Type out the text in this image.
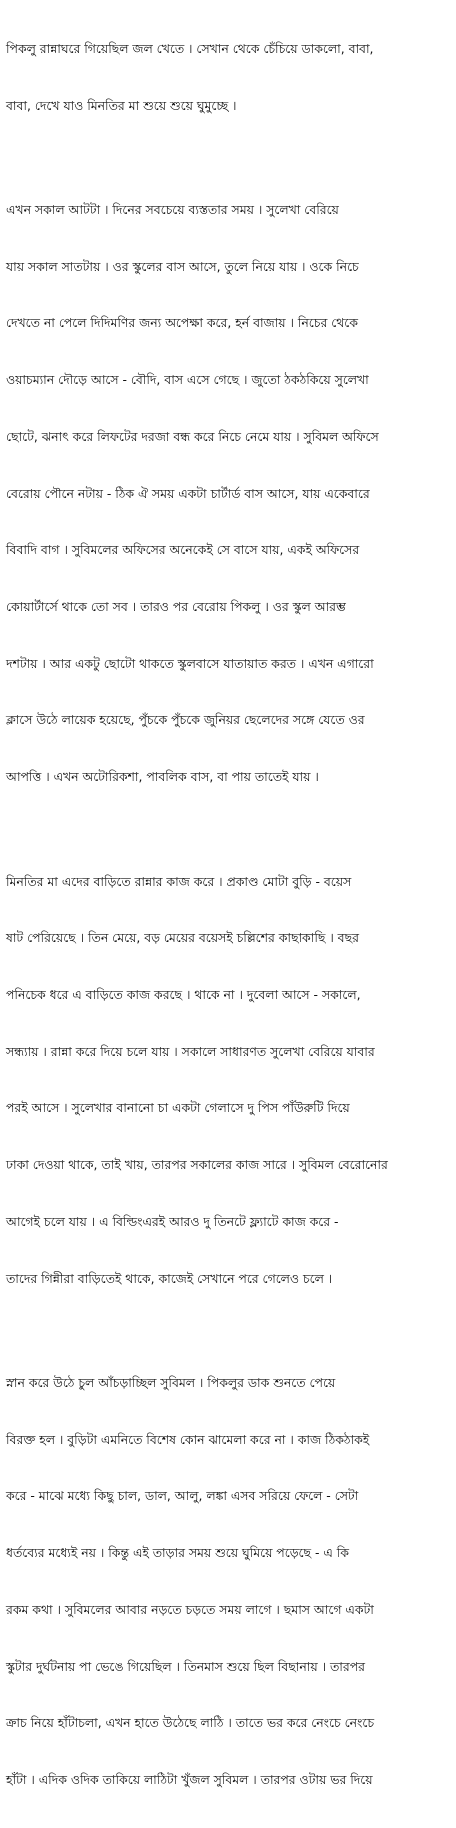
পিকলু রান্নাঘরে গিয়েছিল জল খেতে । সেখান থেকে চেঁচিয়ে ডাকলো, বাবা,

বাবা, দেখে যাও মিনতির মা শুয়ে শুয়ে ঘুমুচ্ছে ।

এখন সকাল আটটা । দিনের সবচেয়ে ব্যস্ততার সময় । সুলেখা বেরিয়ে

যায় সকাল সাতটায় । ওর স্কুলের বাস আসে, তুলে নিয়ে যায় । ওকে নিচে

দেখতে না পেলে দিদিমণির জন্য অপেক্ষা করে, হর্ন বাজায় । নিচের থেকে

ওয়াচম্যান দৌড়ে আসে - বৌদি, বাস এসে গেছে । জুতো ঠকঠকিয়ে সুলেখা

ছোটে, ঝনাৎ করে লিফটের দরজা বন্ধ করে নিচে নেমে যায় । সুবিমল অফিসে

বেরোয় পৌনে নটায় - ঠিক ঐ সময় একটা চার্টার্ড বাস আসে, যায় একেবারে

বিবাদি বাগ । সুবিমলের অফিসের অনেকেই সে বাসে যায়, একই অফিসের

কোয়ার্টার্সে থাকে তো সব । তারও পর বেরোয় পিকলু । ওর স্কুল আরম্ভ

দশটায় । আর একটু ছোটো থাকতে স্কুলবাসে যাতায়াত করত । এখন এগারো

ক্লাসে উঠে লায়েক হয়েছে, পুঁচকে পুঁচকে জুনিয়র ছেলেদের সঙ্গে যেতে ওর

আপত্তি । এখন অটোরিকশা, পাবলিক বাস, বা পায় তাতেই যায় ।

মিনতির মা এদের বাড়িতে রান্নার কাজ করে । প্রকাণ্ড মোটা বুড়ি - বয়েস

ষাট পেরিয়েছে । তিন মেয়ে, বড় মেয়ের বয়েসই চল্লিশের কাছাকাছি । বছর

পনিচেক ধরে এ বাড়িতে কাজ করছে । থাকে না । দুবেলা আসে - সকালে,

সন্ধ্যায় । রান্না করে দিয়ে চলে যায় । সকালে সাধারণত সুলেখা বেরিয়ে যাবার

পরই আসে । সুলেখার বানানো চা একটা গেলাসে দু পিস পাঁউরুটি দিয়ে

ঢাকা দেওয়া থাকে, তাই খায়, তারপর সকালের কাজ সারে । সুবিমল বেরোনোর

আগেই চলে যায় । এ বিল্ডিংএরই আরও দু তিনটে ফ্ল্যাটে কাজ করে -

তাদের গিন্নীরা বাড়িতেই থাকে, কাজেই সেখানে পরে গেলেও চলে ।

স্নান করে উঠে চুল আঁচড়াচ্ছিল সুবিমল । পিকলুর ডাক শুনতে পেয়ে

বিরক্ত হল । বুড়িটা এমনিতে বিশেষ কোন ঝামেলা করে না । কাজ ঠিকঠাকই

করে - মাঝে মধ্যে কিছু চাল, ডাল, আলু, লঙ্কা এসব সরিয়ে ফেলে - সেটা

ধর্তব্যের মধ্যেই নয় । কিন্তু এই তাড়ার সময় শুয়ে ঘুমিয়ে পড়েছে - এ কি

রকম কথা । সুবিমলের আবার নড়তে চড়তে সময় লাগে । ছমাস আগে একটা

স্কুটার দুর্ঘটনায় পা ভেঙে গিয়েছিল । তিনমাস শুয়ে ছিল বিছানায় । তারপর

ক্রাচ নিয়ে হাঁটাচলা, এখন হাতে উঠেছে লাঠি । তাতে ভর করে নেংচে নেংচে

হাঁটা । এদিক ওদিক তাকিয়ে লাঠিটা খুঁজল সুবিমল । তারপর ওটায় ভর দিয়ে
